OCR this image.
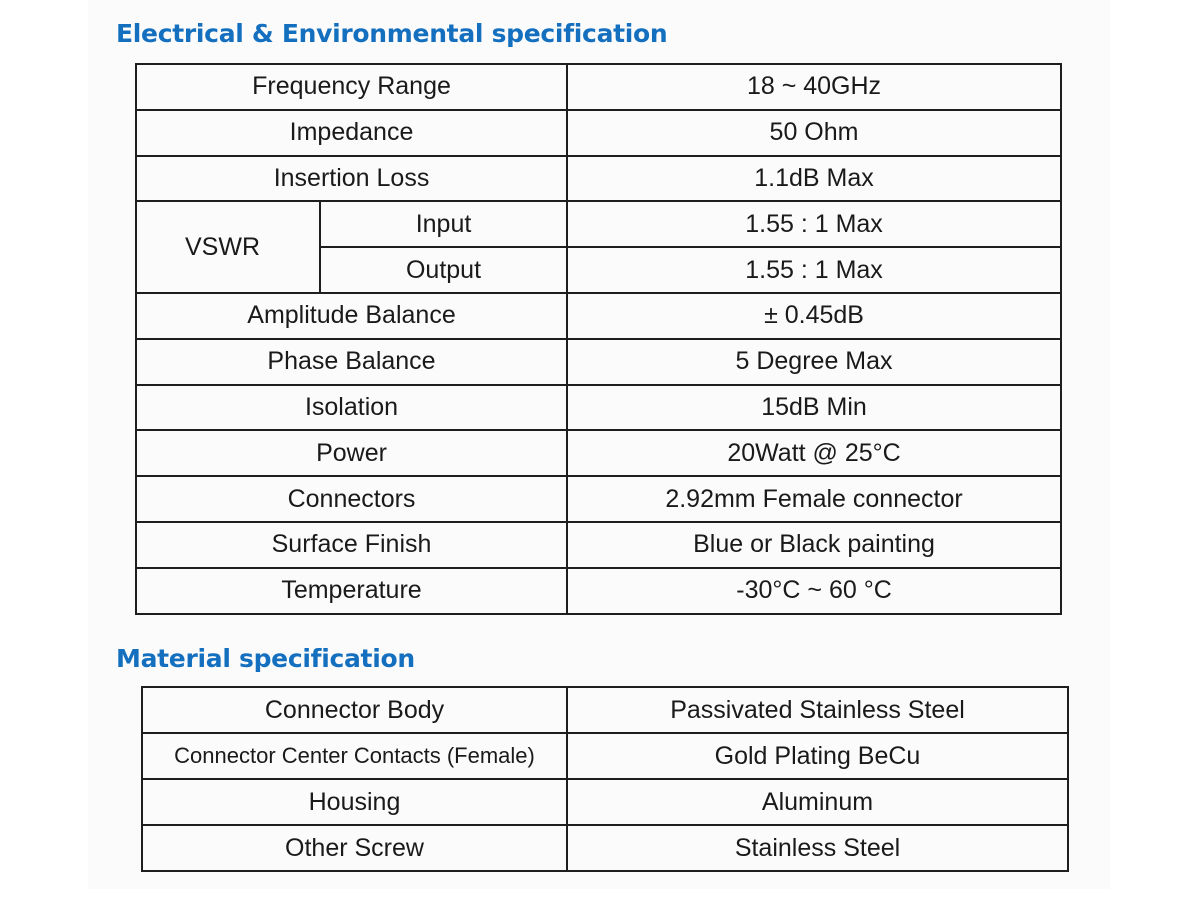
Electrical & Environmental specification
Frequency Range		18 ~ 40GHz
Impedance		50 Ohm
Insertion Loss		1.1dB Max
VSWR	Input	1.55 : 1 Max
	Output	1.55 : 1 Max
Amplitude Balance		± 0.45dB
Phase Balance		5 Degree Max
Isolation		15dB Min
Power		20Watt @ 25°C
Connectors		2.92mm Female connector
Surface Finish		Blue or Black painting
Temperature		-30°C ~ 60 °C
Material specification
Connector Body	Passivated Stainless Steel
Connector Center Contacts (Female)	Gold Plating BeCu
Housing	Aluminum
Other Screw	Stainless Steel
